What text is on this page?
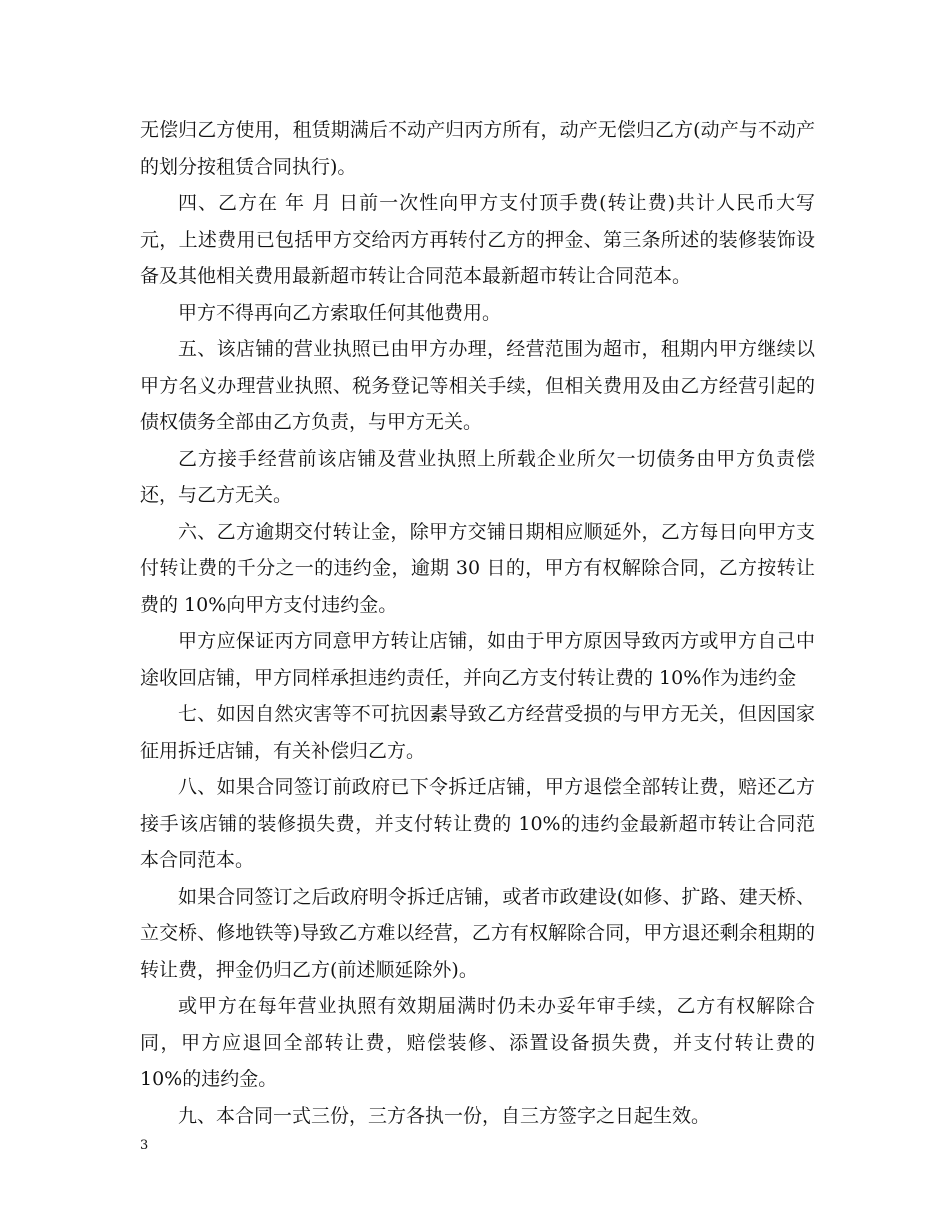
无偿归乙方使用，租赁期满后不动产归丙方所有，动产无偿归乙方(动产与不动产的划分按租赁合同执行)。

四、乙方在 年 月 日前一次性向甲方支付顶手费(转让费)共计人民币大写 元，上述费用已包括甲方交给丙方再转付乙方的押金、第三条所述的装修装饰设备及其他相关费用最新超市转让合同范本最新超市转让合同范本。

甲方不得再向乙方索取任何其他费用。

五、该店铺的营业执照已由甲方办理，经营范围为超市，租期内甲方继续以甲方名义办理营业执照、税务登记等相关手续，但相关费用及由乙方经营引起的债权债务全部由乙方负责，与甲方无关。

乙方接手经营前该店铺及营业执照上所载企业所欠一切债务由甲方负责偿还，与乙方无关。

六、乙方逾期交付转让金，除甲方交铺日期相应顺延外，乙方每日向甲方支付转让费的千分之一的违约金，逾期 30 日的，甲方有权解除合同，乙方按转让费的 10%向甲方支付违约金。

甲方应保证丙方同意甲方转让店铺，如由于甲方原因导致丙方或甲方自己中途收回店铺，甲方同样承担违约责任，并向乙方支付转让费的 10%作为违约金

七、如因自然灾害等不可抗因素导致乙方经营受损的与甲方无关，但因国家征用拆迁店铺，有关补偿归乙方。

八、如果合同签订前政府已下令拆迁店铺，甲方退偿全部转让费，赔还乙方接手该店铺的装修损失费，并支付转让费的 10%的违约金最新超市转让合同范本合同范本。

如果合同签订之后政府明令拆迁店铺，或者市政建设(如修、扩路、建天桥、立交桥、修地铁等)导致乙方难以经营，乙方有权解除合同，甲方退还剩余租期的转让费，押金仍归乙方(前述顺延除外)。

或甲方在每年营业执照有效期届满时仍未办妥年审手续，乙方有权解除合同，甲方应退回全部转让费，赔偿装修、添置设备损失费，并支付转让费的 10%的违约金。

九、本合同一式三份，三方各执一份，自三方签字之日起生效。

3
